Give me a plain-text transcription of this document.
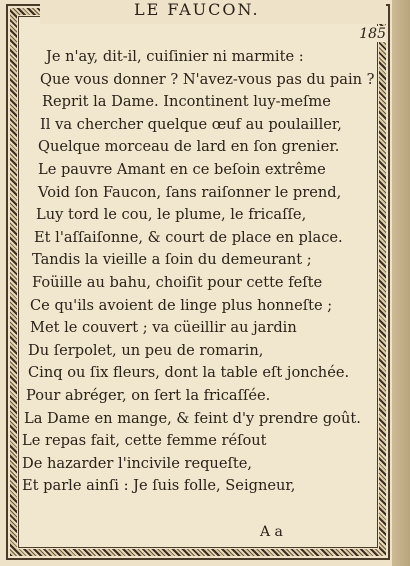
LE FAUCON.
185
Je n'ay, dit-il, cuiſinier ni marmite :
Que vous donner ? N'avez-vous pas du pain ?
Reprit la Dame. Incontinent luy-meſme
Il va chercher quelque œuf au poulailler,
Quelque morceau de lard en ſon grenier.
Le pauvre Amant en ce beſoin extrême
Void ſon Faucon, ſans raiſonner le prend,
Luy tord le cou, le plume, le fricaſſe,
Et l'aſſaiſonne, & court de place en place.
Tandis la vieille a ſoin du demeurant ;
Foüille au bahu, choiſit pour cette feſte
Ce qu'ils avoient de linge plus honneſte ;
Met le couvert ; va cüeillir au jardin
Du ſerpolet, un peu de romarin,
Cinq ou ſix fleurs, dont la table eſt jonchée.
Pour abréger, on ſert la fricaſſée.
La Dame en mange, & feint d'y prendre goût.
Le repas fait, cette femme réſout
De hazarder l'incivile requeſte,
Et parle ainſi : Je ſuis folle, Seigneur,
A a
